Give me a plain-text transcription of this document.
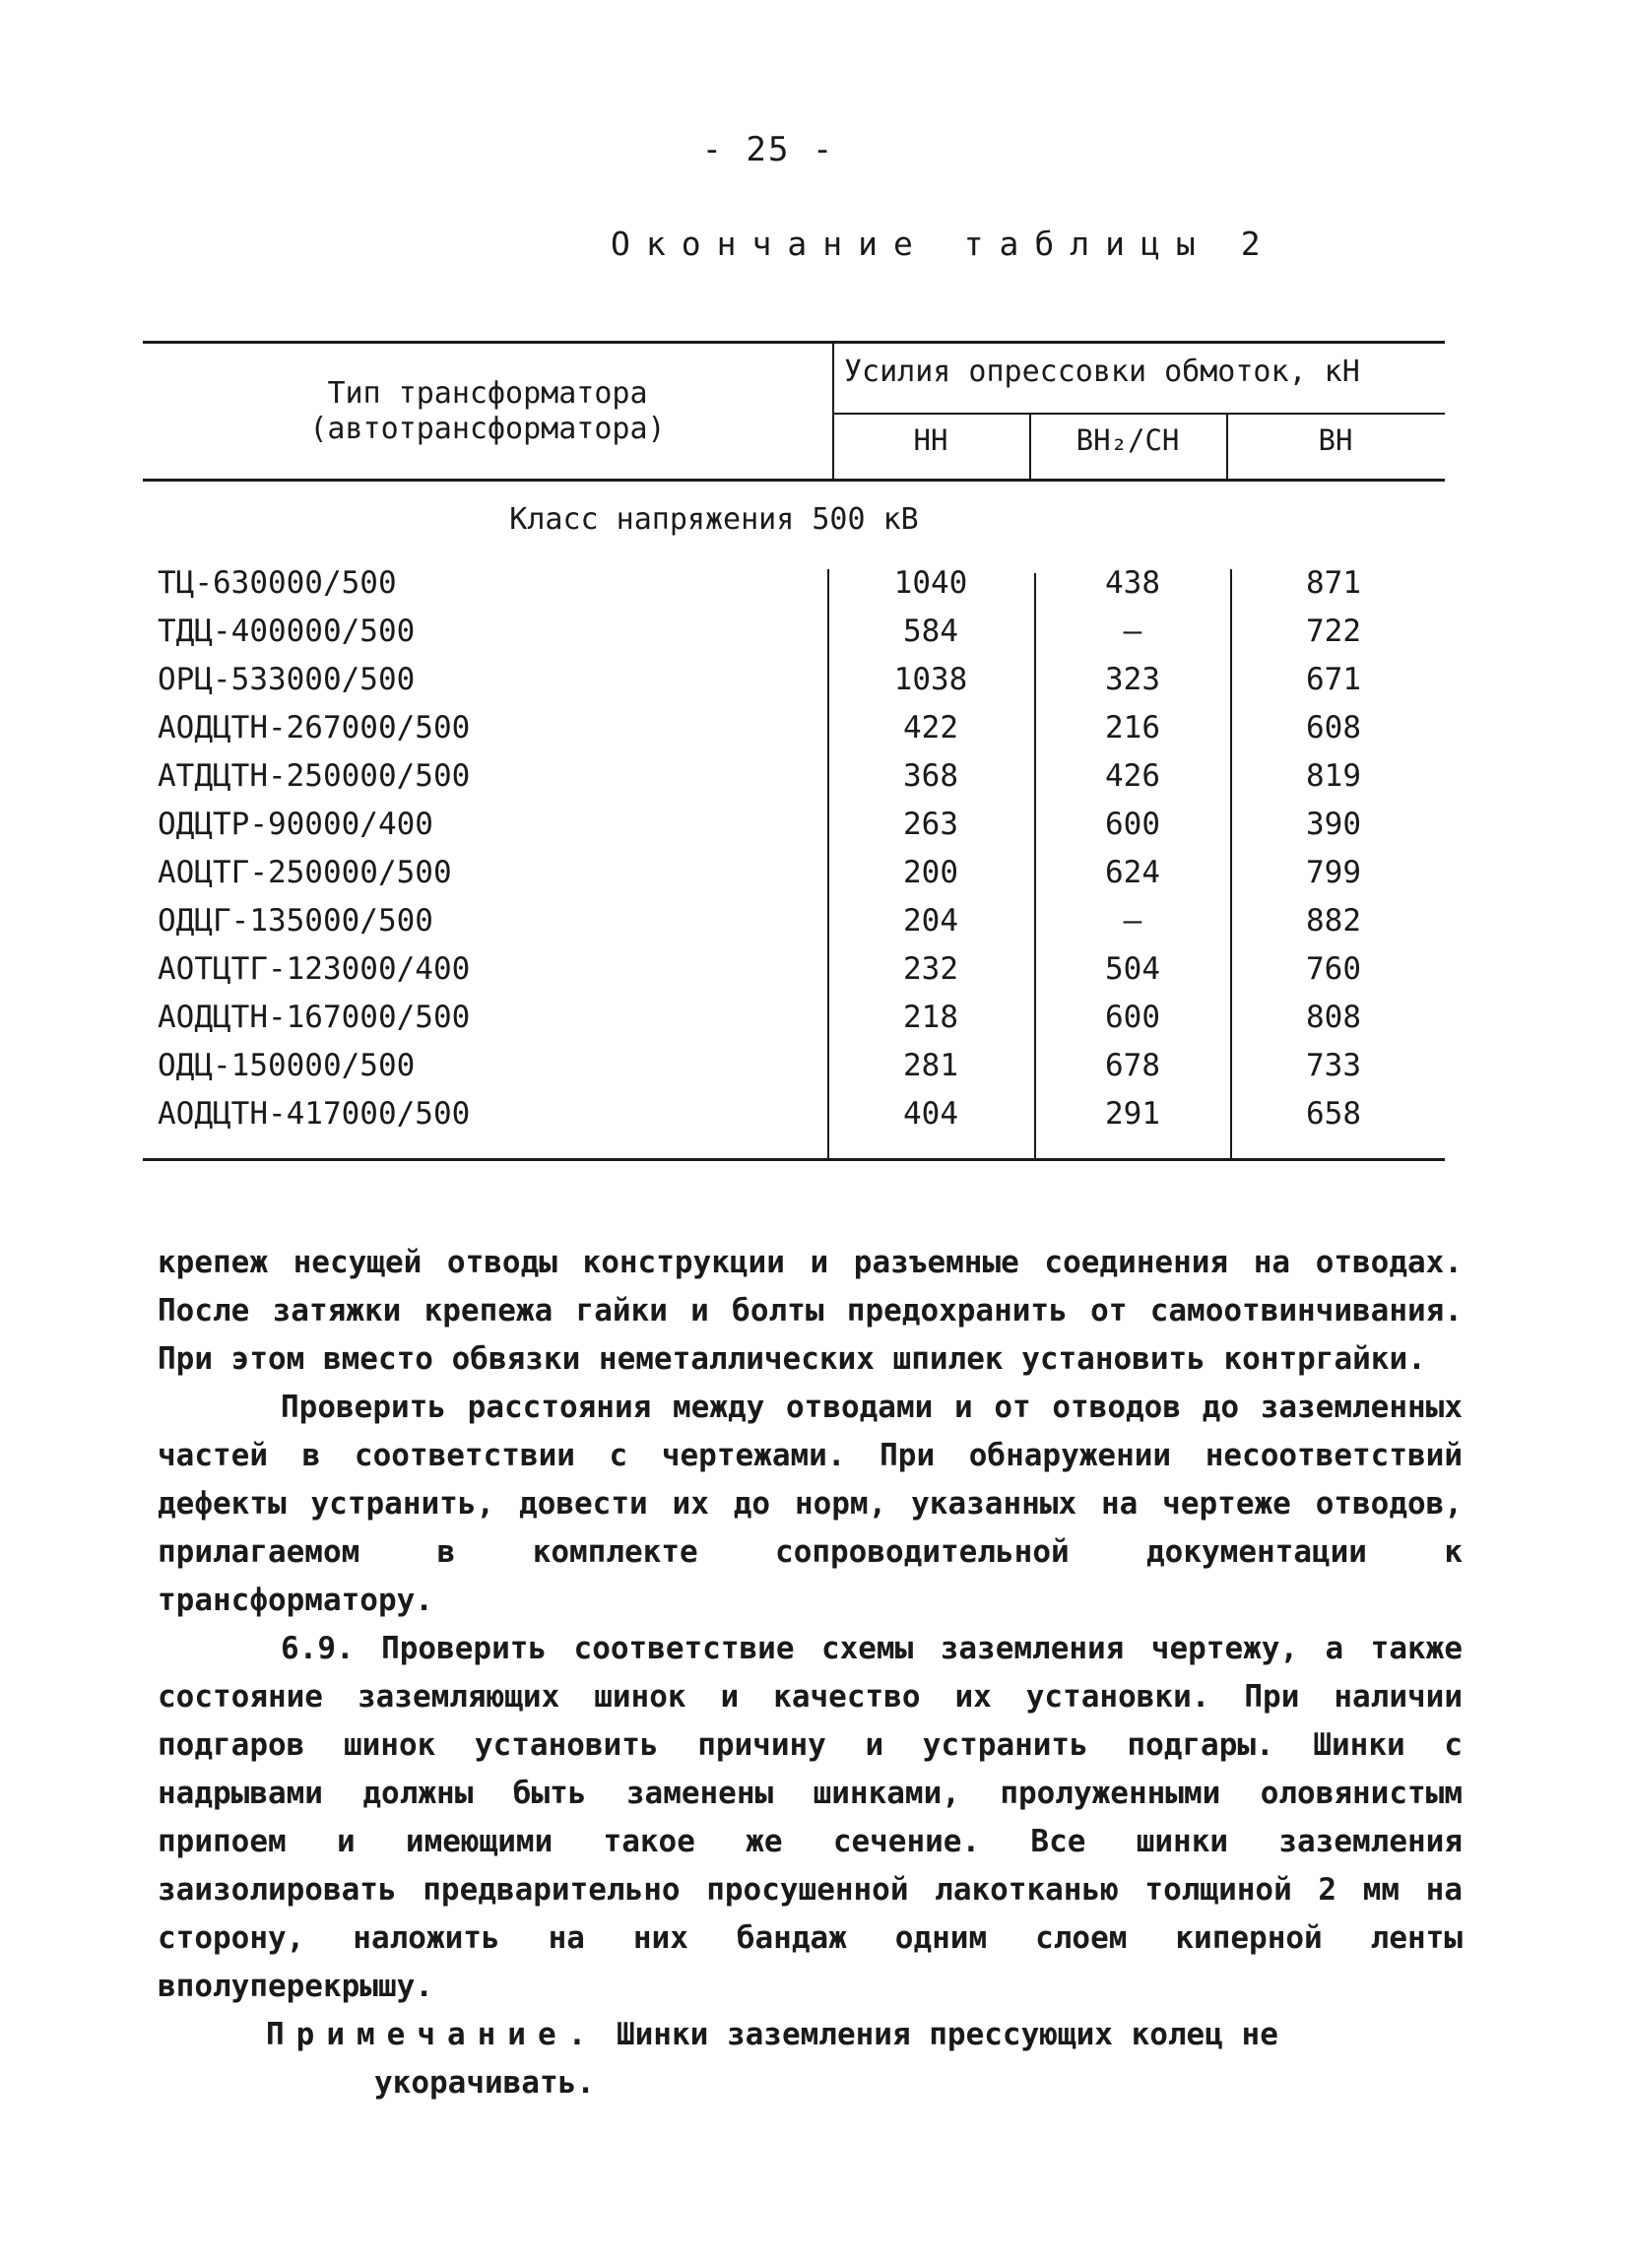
- 25 -
Окончание таблицы 2
Тип трансформатора
(автотрансформатора)
Усилия опрессовки обмоток, кН
НН	ВН₂/СН	ВН
Класс напряжения 500 кВ
ТЦ-630000/500	1040	438	871
ТДЦ-400000/500	584	–	722
ОРЦ-533000/500	1038	323	671
АОДЦТН-267000/500	422	216	608
АТДЦТН-250000/500	368	426	819
ОДЦТР-90000/400	263	600	390
АОЦТГ-250000/500	200	624	799
ОДЦГ-135000/500	204	–	882
АОТЦТГ-123000/400	232	504	760
АОДЦТН-167000/500	218	600	808
ОДЦ-150000/500	281	678	733
АОДЦТН-417000/500	404	291	658

крепеж несущей отводы конструкции и разъемные соединения на отводах. После затяжки крепежа гайки и болты предохранить от самоотвинчивания. При этом вместо обвязки неметаллических шпилек установить контргайки.

Проверить расстояния между отводами и от отводов до заземленных частей в соответствии с чертежами. При обнаружении несоответствий дефекты устранить, довести их до норм, указанных на чертеже отводов, прилагаемом в комплекте сопроводительной документации к трансформатору.

6.9. Проверить соответствие схемы заземления чертежу, а также состояние заземляющих шинок и качество их установки. При наличии подгаров шинок установить причину и устранить подгары. Шинки с надрывами должны быть заменены шинками, пролуженными оловянистым припоем и имеющими такое же сечение. Все шинки заземления заизолировать предварительно просушенной лакотканью толщиной 2 мм на сторону, наложить на них бандаж одним слоем киперной ленты вполуперекрышу.

Примечание. Шинки заземления прессующих колец не укорачивать.
